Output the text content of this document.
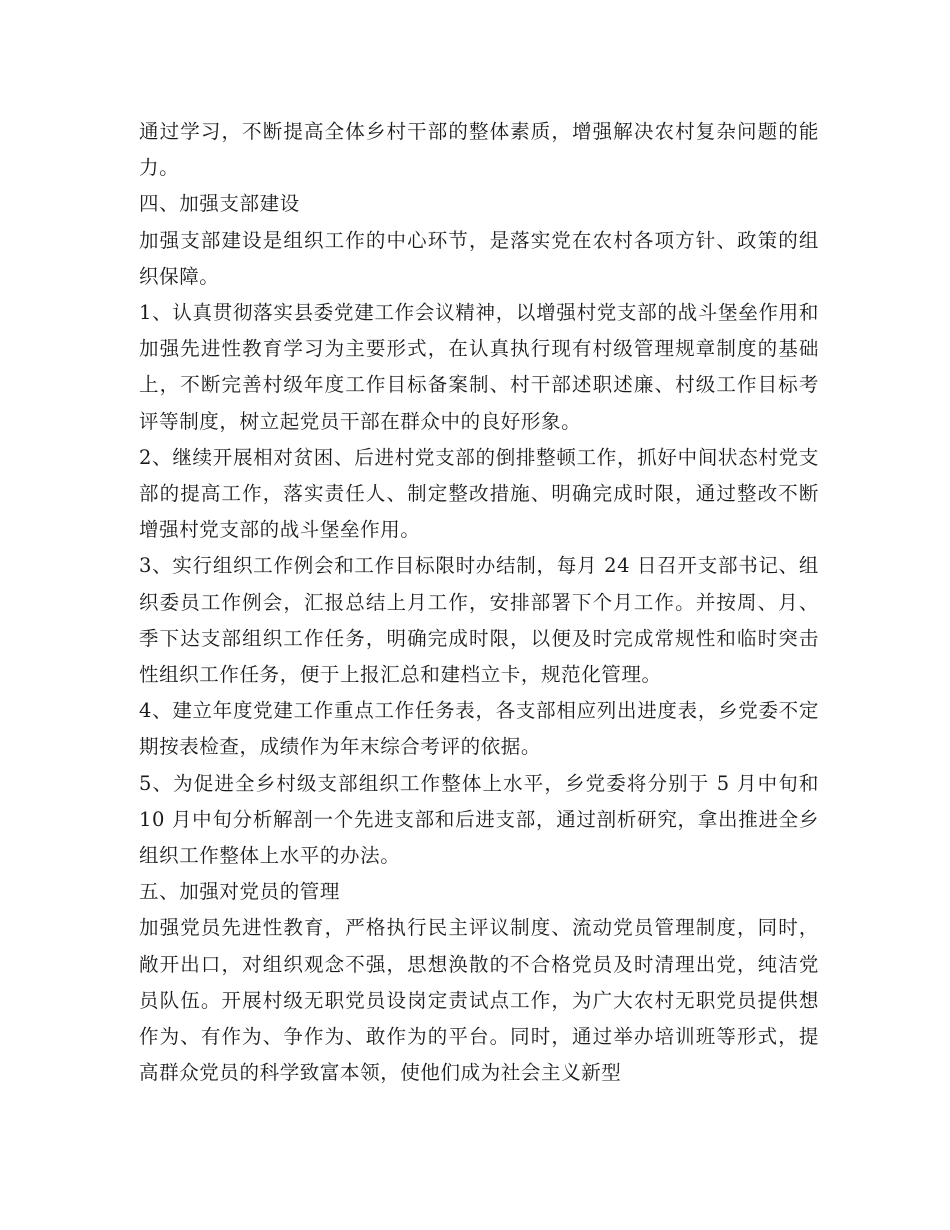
通过学习，不断提高全体乡村干部的整体素质，增强解决农村复杂问题的能力。

四、加强支部建设

加强支部建设是组织工作的中心环节，是落实党在农村各项方针、政策的组织保障。

1、认真贯彻落实县委党建工作会议精神，以增强村党支部的战斗堡垒作用和加强先进性教育学习为主要形式，在认真执行现有村级管理规章制度的基础上，不断完善村级年度工作目标备案制、村干部述职述廉、村级工作目标考评等制度，树立起党员干部在群众中的良好形象。

2、继续开展相对贫困、后进村党支部的倒排整顿工作，抓好中间状态村党支部的提高工作，落实责任人、制定整改措施、明确完成时限，通过整改不断增强村党支部的战斗堡垒作用。

3、实行组织工作例会和工作目标限时办结制，每月 24 日召开支部书记、组织委员工作例会，汇报总结上月工作，安排部署下个月工作。并按周、月、季下达支部组织工作任务，明确完成时限，以便及时完成常规性和临时突击性组织工作任务，便于上报汇总和建档立卡，规范化管理。

4、建立年度党建工作重点工作任务表，各支部相应列出进度表，乡党委不定期按表检查，成绩作为年末综合考评的依据。

5、为促进全乡村级支部组织工作整体上水平，乡党委将分别于 5 月中旬和 10 月中旬分析解剖一个先进支部和后进支部，通过剖析研究，拿出推进全乡组织工作整体上水平的办法。

五、加强对党员的管理

加强党员先进性教育，严格执行民主评议制度、流动党员管理制度，同时，敞开出口，对组织观念不强，思想涣散的不合格党员及时清理出党，纯洁党员队伍。开展村级无职党员设岗定责试点工作，为广大农村无职党员提供想作为、有作为、争作为、敢作为的平台。同时，通过举办培训班等形式，提高群众党员的科学致富本领，使他们成为社会主义新型
